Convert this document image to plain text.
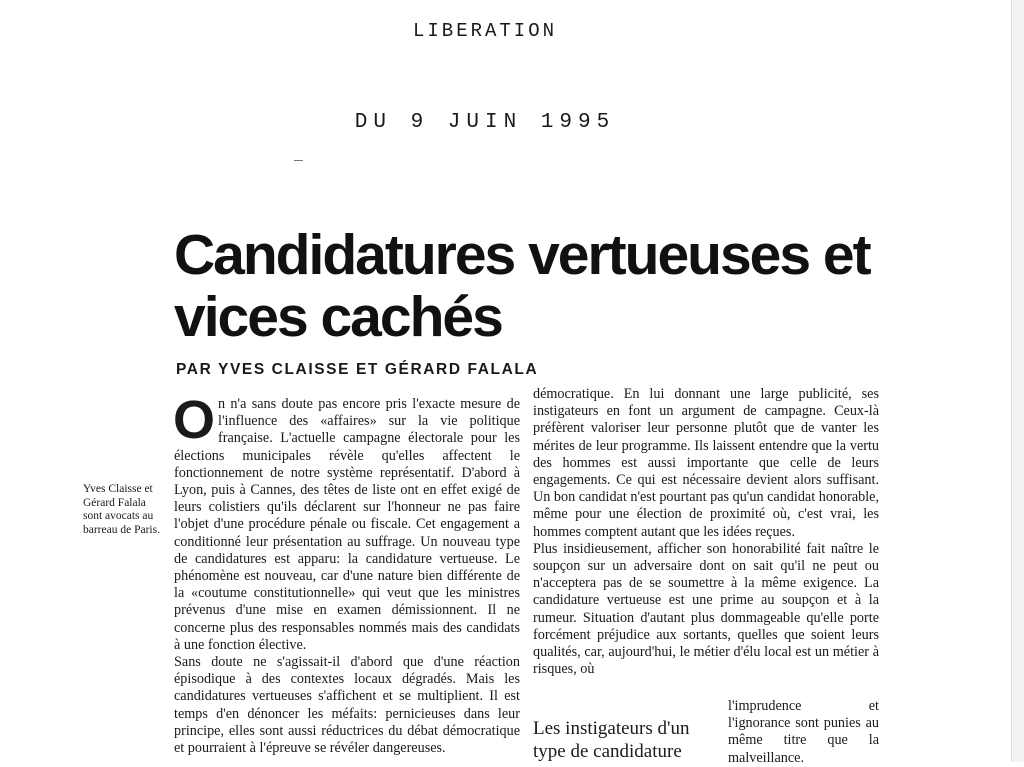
LIBERATION
DU 9 JUIN 1995
Candidatures vertueuses et vices cachés
PAR YVES CLAISSE ET GÉRARD FALALA

Yves Claisse et Gérard Falala sont avocats au barreau de Paris.

On n'a sans doute pas encore pris l'exacte mesure de l'influence des «affaires» sur la vie politique française. L'actuelle campagne électorale pour les élections municipales révèle qu'elles affectent le fonctionnement de notre système représentatif. D'abord à Lyon, puis à Cannes, des têtes de liste ont en effet exigé de leurs colistiers qu'ils déclarent sur l'honneur ne pas faire l'objet d'une procédure pénale ou fiscale. Cet engagement a conditionné leur présentation au suffrage. Un nouveau type de candidatures est apparu: la candidature vertueuse. Le phénomène est nouveau, car d'une nature bien différente de la «coutume constitutionnelle» qui veut que les ministres prévenus d'une mise en examen démissionnent. Il ne concerne plus des responsables nommés mais des candidats à une fonction élective.

Sans doute ne s'agissait-il d'abord que d'une réaction épisodique à des contextes locaux dégradés. Mais les candidatures vertueuses s'affichent et se multiplient. Il est temps d'en dénoncer les méfaits: pernicieuses dans leur principe, elles sont aussi réductrices du débat démocratique et pourraient à l'épreuve se révéler dangereuses.

démocratique. En lui donnant une large publicité, ses instigateurs en font un argument de campagne. Ceux-là préfèrent valoriser leur personne plutôt que de vanter les mérites de leur programme. Ils laissent entendre que la vertu des hommes est aussi importante que celle de leurs engagements. Ce qui est nécessaire devient alors suffisant. Un bon candidat n'est pourtant pas qu'un candidat honorable, même pour une élection de proximité où, c'est vrai, les hommes comptent autant que les idées reçues.

Plus insidieusement, afficher son honorabilité fait naître le soupçon sur un adversaire dont on sait qu'il ne peut ou n'acceptera pas de se soumettre à la même exigence. La candidature vertueuse est une prime au soupçon et à la rumeur. Situation d'autant plus dommageable qu'elle porte forcément préjudice aux sortants, quelles que soient leurs qualités, car, aujourd'hui, le métier d'élu local est un métier à risques, où

Les instigateurs d'un type de candidature

l'imprudence et l'ignorance sont punies au même titre que la malveillance.
